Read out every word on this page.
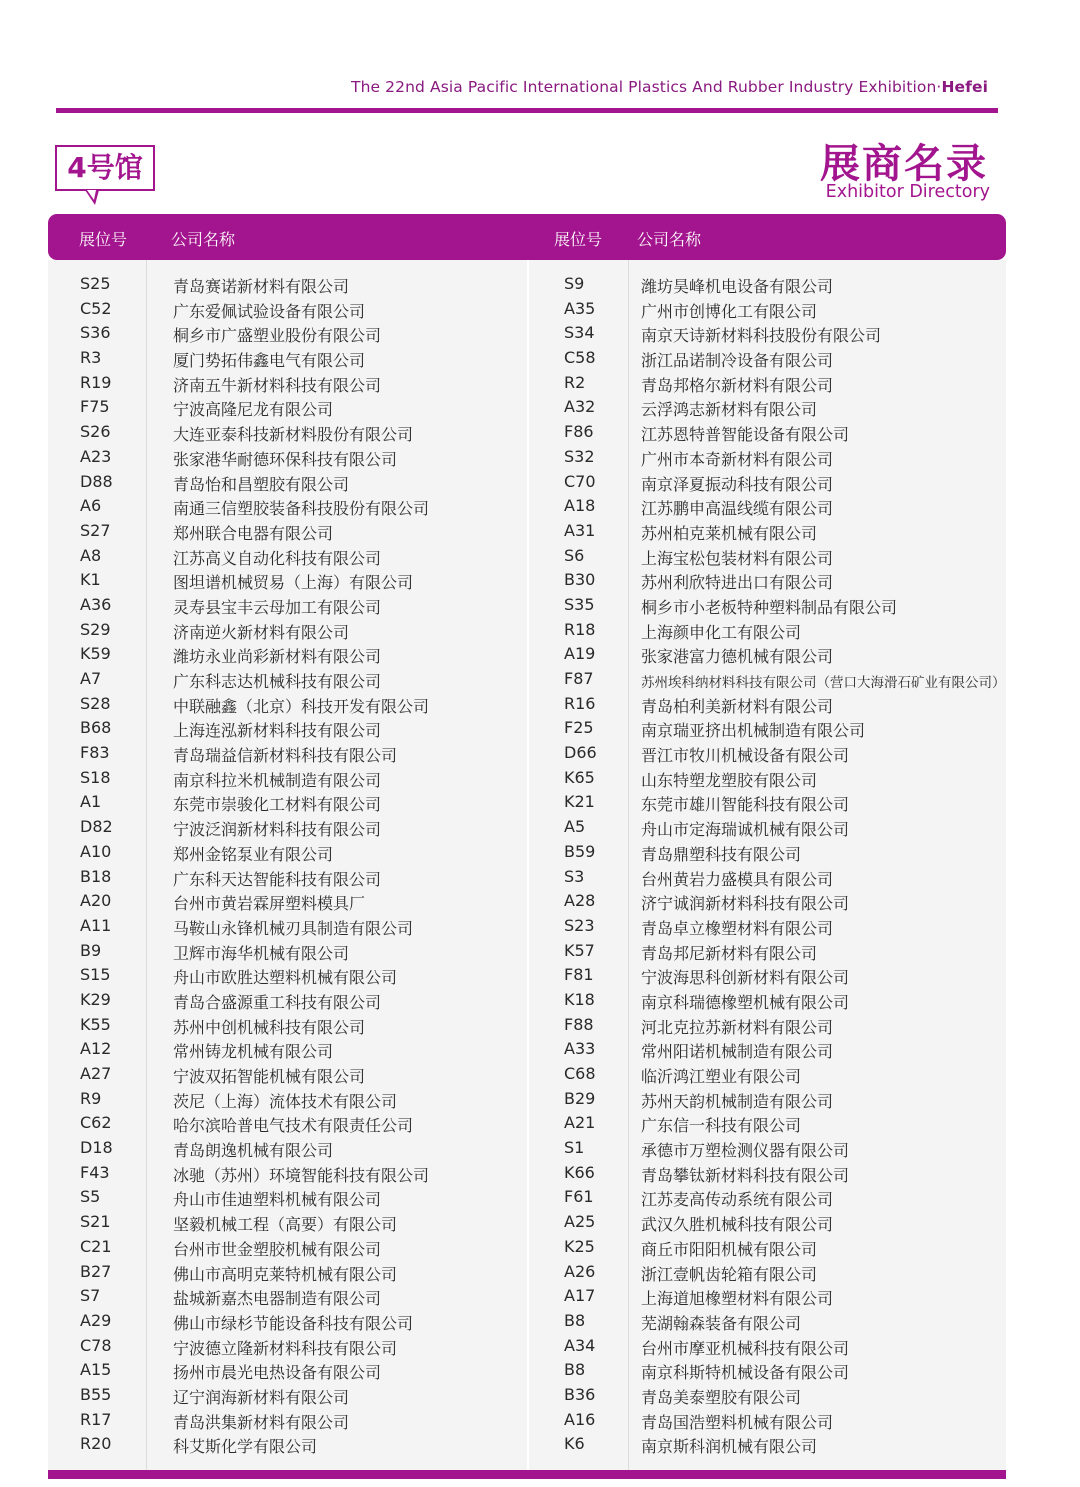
The 22nd Asia Pacific International Plastics And Rubber Industry Exhibition·Hefei
4号馆	展商名录
Exhibitor Directory
展位号	公司名称	展位号 公司名称
S25	青岛赛诺新材料有限公司
C52	广东爱佩试验设备有限公司
S36	桐乡市广盛塑业股份有限公司
R3	厦门势拓伟鑫电气有限公司
R19	济南五牛新材料科技有限公司
F75	宁波高隆尼龙有限公司
S26	大连亚泰科技新材料股份有限公司
A23	张家港华耐德环保科技有限公司
D88	青岛怡和昌塑胶有限公司
A6	南通三信塑胶装备科技股份有限公司
S27	郑州联合电器有限公司
A8	江苏高义自动化科技有限公司
K1	图坦谱机械贸易（上海）有限公司
A36	灵寿县宝丰云母加工有限公司
S29	济南逆火新材料有限公司
K59	潍坊永业尚彩新材料有限公司
A7	广东科志达机械科技有限公司
S28	中联融鑫（北京）科技开发有限公司
B68	上海连泓新材料科技有限公司
F83	青岛瑞益信新材料科技有限公司
S18	南京科拉米机械制造有限公司
A1	东莞市崇骏化工材料有限公司
D82	宁波泛润新材料科技有限公司
A10	郑州金铭泵业有限公司
B18	广东科天达智能科技有限公司
A20	台州市黄岩霖屏塑料模具厂
A11	马鞍山永锋机械刃具制造有限公司
B9	卫辉市海华机械有限公司
S15	舟山市欧胜达塑料机械有限公司
K29	青岛合盛源重工科技有限公司
K55	苏州中创机械科技有限公司
A12	常州铸龙机械有限公司
A27	宁波双拓智能机械有限公司
R9	茨尼（上海）流体技术有限公司
C62	哈尔滨哈普电气技术有限责任公司
D18	青岛朗逸机械有限公司
F43	冰驰（苏州）环境智能科技有限公司
S5	舟山市佳迪塑料机械有限公司
S21	坚毅机械工程（高要）有限公司
C21	台州市世金塑胶机械有限公司
B27	佛山市高明克莱特机械有限公司
S7	盐城新嘉杰电器制造有限公司
A29	佛山市绿杉节能设备科技有限公司
C78	宁波德立隆新材料科技有限公司
A15	扬州市晨光电热设备有限公司
B55	辽宁润海新材料有限公司
R17	青岛洪集新材料有限公司
R20	科艾斯化学有限公司
S9	潍坊昊峰机电设备有限公司
A35	广州市创博化工有限公司
S34	南京天诗新材料科技股份有限公司
C58	浙江品诺制冷设备有限公司
R2	青岛邦格尔新材料有限公司
A32	云浮鸿志新材料有限公司
F86	江苏恩特普智能设备有限公司
S32	广州市本奇新材料有限公司
C70	南京泽夏振动科技有限公司
A18	江苏鹏申高温线缆有限公司
A31	苏州柏克莱机械有限公司
S6	上海宝松包装材料有限公司
B30	苏州利欣特进出口有限公司
S35	桐乡市小老板特种塑料制品有限公司
R18	上海颜申化工有限公司
A19	张家港富力德机械有限公司
F87	苏州埃科纳材料科技有限公司（营口大海滑石矿业有限公司）
R16	青岛柏利美新材料有限公司
F25	南京瑞亚挤出机械制造有限公司
D66	晋江市牧川机械设备有限公司
K65	山东特塑龙塑胶有限公司
K21	东莞市雄川智能科技有限公司
A5	舟山市定海瑞诚机械有限公司
B59	青岛鼎塑科技有限公司
S3	台州黄岩力盛模具有限公司
A28	济宁诚润新材料科技有限公司
S23	青岛卓立橡塑材料有限公司
K57	青岛邦尼新材料有限公司
F81	宁波海思科创新材料有限公司
K18	南京科瑞德橡塑机械有限公司
F88	河北克拉苏新材料有限公司
A33	常州阳诺机械制造有限公司
C68	临沂鸿江塑业有限公司
B29	苏州天韵机械制造有限公司
A21	广东信一科技有限公司
S1	承德市万塑检测仪器有限公司
K66	青岛攀钛新材料科技有限公司
F61	江苏麦高传动系统有限公司
A25	武汉久胜机械科技有限公司
K25	商丘市阳阳机械有限公司
A26	浙江壹帆齿轮箱有限公司
A17	上海道旭橡塑材料有限公司
B8	芜湖翰森装备有限公司
A34	台州市摩亚机械科技有限公司
B8	南京科斯特机械设备有限公司
B36	青岛美泰塑胶有限公司
A16	青岛国浩塑料机械有限公司
K6	南京斯科润机械有限公司
